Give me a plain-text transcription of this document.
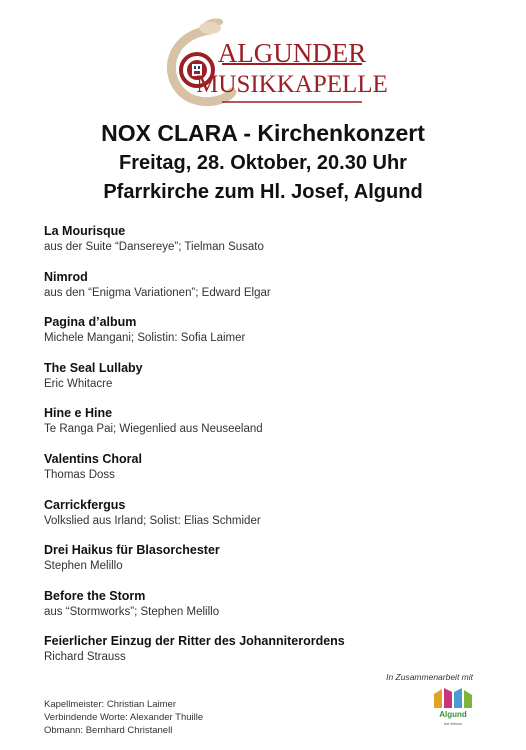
ALGUNDER
MUSIKKAPELLE
NOX CLARA - Kirchenkonzert
Freitag, 28. Oktober, 20.30 Uhr
Pfarrkirche zum Hl. Josef, Algund
La Mourisque
aus der Suite “Dansereye”; Tielman Susato
Nimrod
aus den “Enigma Variationen”; Edward Elgar
Pagina d’album
Michele Mangani; Solistin: Sofia Laimer
The Seal Lullaby
Eric Whitacre
Hine e Hine
Te Ranga Pai; Wiegenlied aus Neuseeland
Valentins Choral
Thomas Doss
Carrickfergus
Volkslied aus Irland; Solist: Elias Schmider
Drei Haikus für Blasorchester
Stephen Melillo
Before the Storm
aus “Stormworks”; Stephen Melillo
Feierlicher Einzug der Ritter des Johanniterordens
Richard Strauss
In Zusammenarbeit mit
Kapellmeister: Christian Laimer
Verbindende Worte: Alexander Thuille
Obmann: Bernhard Christanell
Algund
bei Meran
